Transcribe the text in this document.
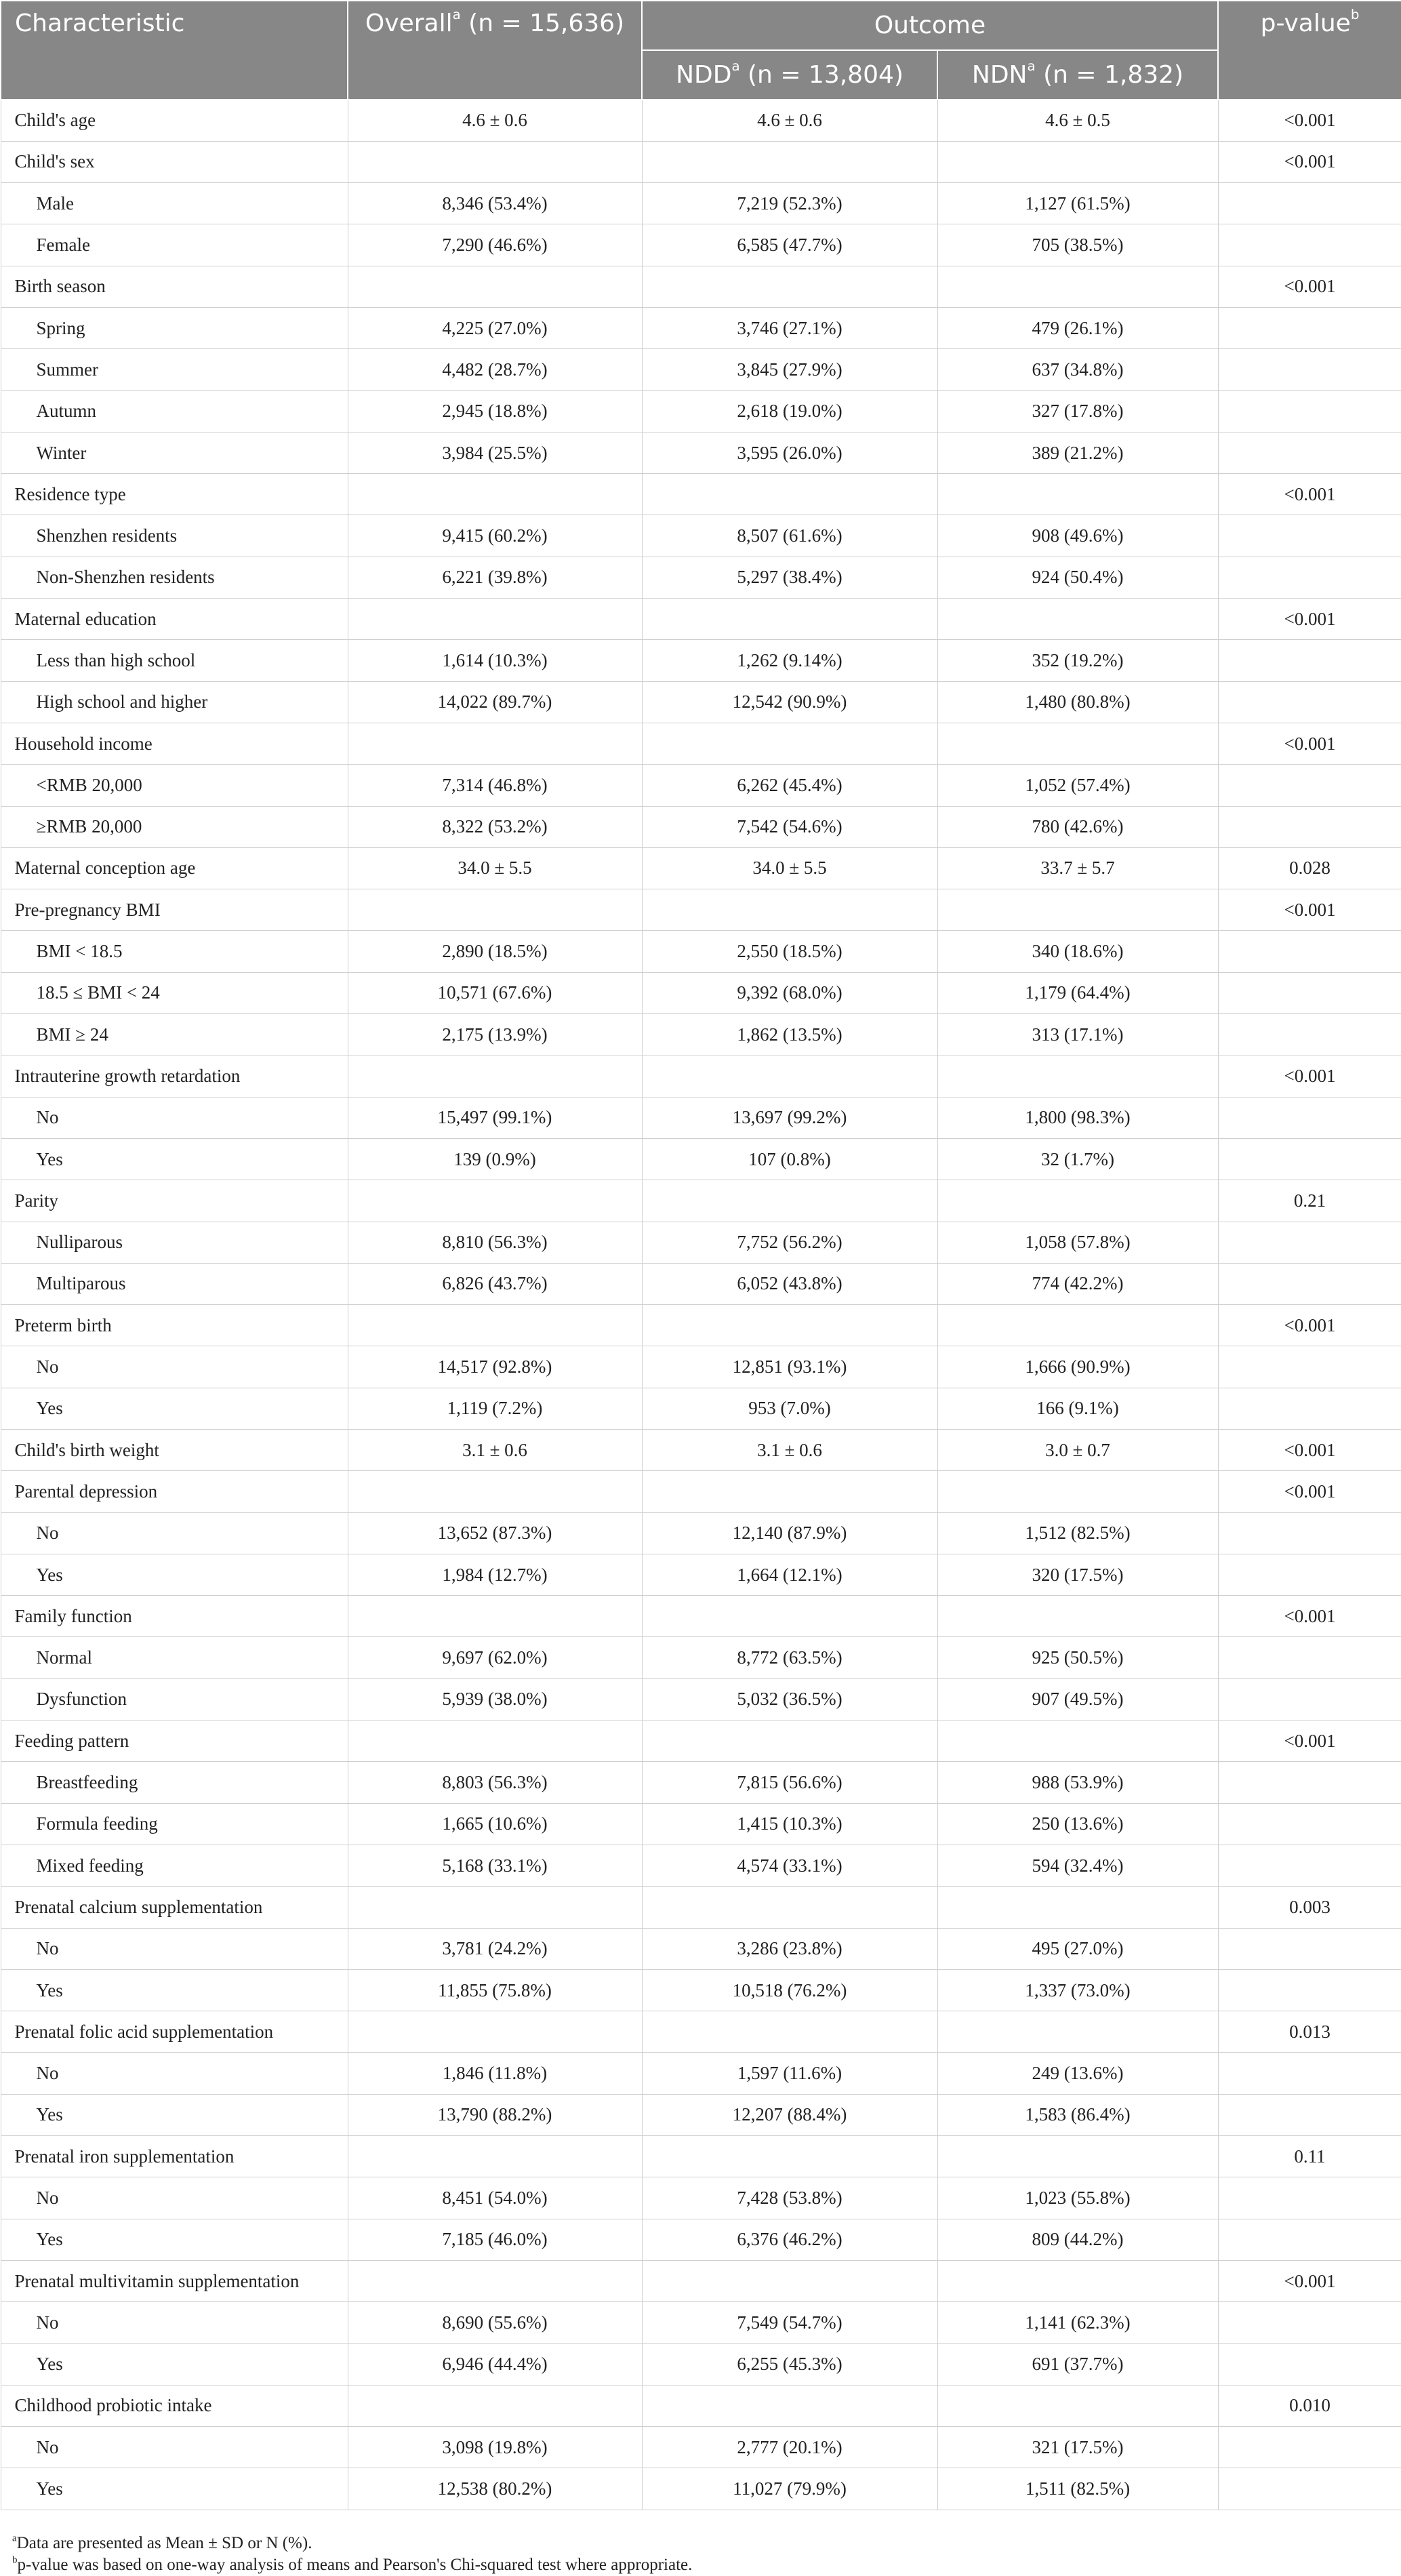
Characteristic	Overall$^a$ (n = 15,636)	Outcome		p-value$^b$
		NDD$^a$ (n = 13,804)	NDN$^a$ (n = 1,832)	
Child's age	4.6 ± 0.6	4.6 ± 0.6	4.6 ± 0.5	<0.001
Child's sex				<0.001
Male	8,346 (53.4%)	7,219 (52.3%)	1,127 (61.5%)	
Female	7,290 (46.6%)	6,585 (47.7%)	705 (38.5%)	
Birth season				<0.001
Spring	4,225 (27.0%)	3,746 (27.1%)	479 (26.1%)	
Summer	4,482 (28.7%)	3,845 (27.9%)	637 (34.8%)	
Autumn	2,945 (18.8%)	2,618 (19.0%)	327 (17.8%)	
Winter	3,984 (25.5%)	3,595 (26.0%)	389 (21.2%)	
Residence type				<0.001
Shenzhen residents	9,415 (60.2%)	8,507 (61.6%)	908 (49.6%)	
Non-Shenzhen residents	6,221 (39.8%)	5,297 (38.4%)	924 (50.4%)	
Maternal education				<0.001
Less than high school	1,614 (10.3%)	1,262 (9.14%)	352 (19.2%)	
High school and higher	14,022 (89.7%)	12,542 (90.9%)	1,480 (80.8%)	
Household income				<0.001
<RMB 20,000	7,314 (46.8%)	6,262 (45.4%)	1,052 (57.4%)	
≥RMB 20,000	8,322 (53.2%)	7,542 (54.6%)	780 (42.6%)	
Maternal conception age	34.0 ± 5.5	34.0 ± 5.5	33.7 ± 5.7	0.028
Pre-pregnancy BMI				<0.001
BMI < 18.5	2,890 (18.5%)	2,550 (18.5%)	340 (18.6%)	
18.5 ≤ BMI < 24	10,571 (67.6%)	9,392 (68.0%)	1,179 (64.4%)	
BMI ≥ 24	2,175 (13.9%)	1,862 (13.5%)	313 (17.1%)	
Intrauterine growth retardation				<0.001
No	15,497 (99.1%)	13,697 (99.2%)	1,800 (98.3%)	
Yes	139 (0.9%)	107 (0.8%)	32 (1.7%)	
Parity				0.21
Nulliparous	8,810 (56.3%)	7,752 (56.2%)	1,058 (57.8%)	
Multiparous	6,826 (43.7%)	6,052 (43.8%)	774 (42.2%)	
Preterm birth				<0.001
No	14,517 (92.8%)	12,851 (93.1%)	1,666 (90.9%)	
Yes	1,119 (7.2%)	953 (7.0%)	166 (9.1%)	
Child's birth weight	3.1 ± 0.6	3.1 ± 0.6	3.0 ± 0.7	<0.001
Parental depression				<0.001
No	13,652 (87.3%)	12,140 (87.9%)	1,512 (82.5%)	
Yes	1,984 (12.7%)	1,664 (12.1%)	320 (17.5%)	
Family function				<0.001
Normal	9,697 (62.0%)	8,772 (63.5%)	925 (50.5%)	
Dysfunction	5,939 (38.0%)	5,032 (36.5%)	907 (49.5%)	
Feeding pattern				<0.001
Breastfeeding	8,803 (56.3%)	7,815 (56.6%)	988 (53.9%)	
Formula feeding	1,665 (10.6%)	1,415 (10.3%)	250 (13.6%)	
Mixed feeding	5,168 (33.1%)	4,574 (33.1%)	594 (32.4%)	
Prenatal calcium supplementation				0.003
No	3,781 (24.2%)	3,286 (23.8%)	495 (27.0%)	
Yes	11,855 (75.8%)	10,518 (76.2%)	1,337 (73.0%)	
Prenatal folic acid supplementation				0.013
No	1,846 (11.8%)	1,597 (11.6%)	249 (13.6%)	
Yes	13,790 (88.2%)	12,207 (88.4%)	1,583 (86.4%)	
Prenatal iron supplementation				0.11
No	8,451 (54.0%)	7,428 (53.8%)	1,023 (55.8%)	
Yes	7,185 (46.0%)	6,376 (46.2%)	809 (44.2%)	
Prenatal multivitamin supplementation				<0.001
No	8,690 (55.6%)	7,549 (54.7%)	1,141 (62.3%)	
Yes	6,946 (44.4%)	6,255 (45.3%)	691 (37.7%)	
Childhood probiotic intake				0.010
No	3,098 (19.8%)	2,777 (20.1%)	321 (17.5%)	
Yes	12,538 (80.2%)	11,027 (79.9%)	1,511 (82.5%)	
$^a$Data are presented as Mean ± SD or N (%).
$^b$p-value was based on one-way analysis of means and Pearson's Chi-squared test where appropriate.
